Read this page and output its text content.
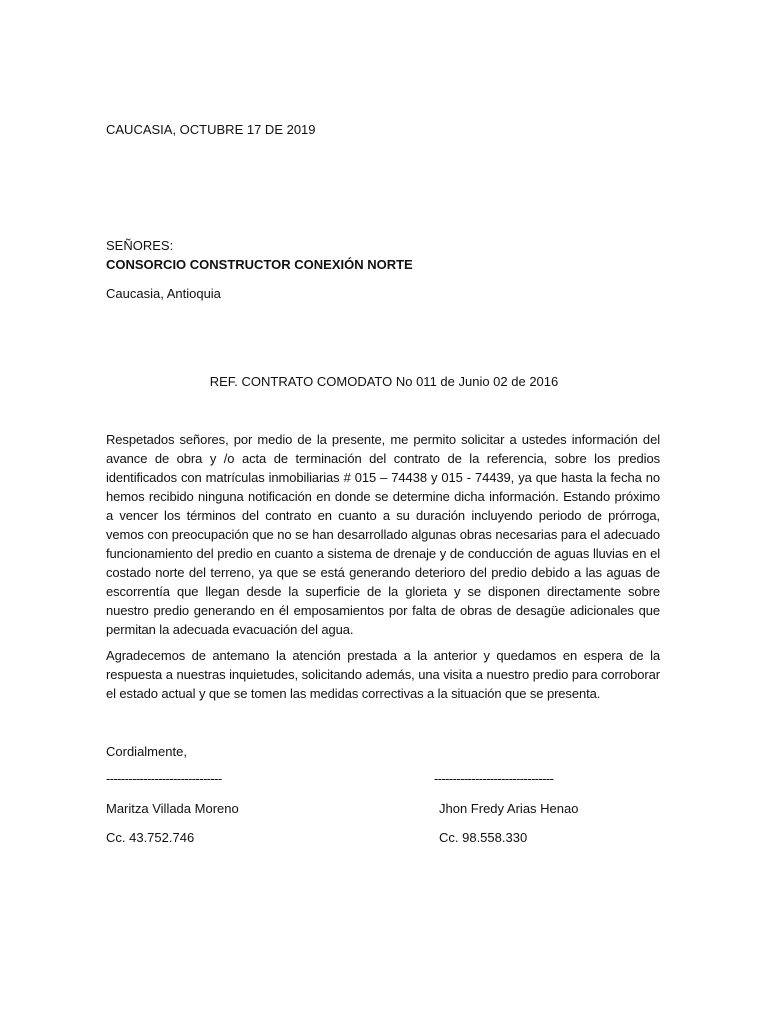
CAUCASIA, OCTUBRE 17 DE 2019
SEÑORES:
CONSORCIO CONSTRUCTOR CONEXIÓN NORTE
Caucasia, Antioquia
REF. CONTRATO COMODATO No 011 de Junio 02 de 2016
Respetados señores, por medio de la presente, me permito solicitar a ustedes información del avance de obra y /o acta de terminación del contrato de la referencia, sobre los predios identificados con matrículas inmobiliarias # 015 – 74438 y 015 - 74439, ya que hasta la fecha no hemos recibido ninguna notificación en donde se determine dicha información. Estando próximo a vencer los términos del contrato en cuanto a su duración incluyendo periodo de prórroga, vemos con preocupación que no se han desarrollado algunas obras necesarias para el adecuado funcionamiento del predio en cuanto a sistema de drenaje y de conducción de aguas lluvias en el costado norte del terreno, ya que se está generando deterioro del predio debido a las aguas de escorrentía que llegan desde la superficie de la glorieta y se disponen directamente sobre nuestro predio generando en él emposamientos por falta de obras de desagüe adicionales que permitan la adecuada evacuación del agua.
Agradecemos de antemano la atención prestada a la anterior y quedamos en espera de la respuesta a nuestras inquietudes, solicitando además, una visita a nuestro predio para corroborar el estado actual y que se tomen las medidas correctivas a la situación que se presenta.
Cordialmente,
-------------------------------	--------------------------------
Maritza Villada Moreno	Jhon Fredy Arias Henao
Cc. 43.752.746	Cc. 98.558.330
